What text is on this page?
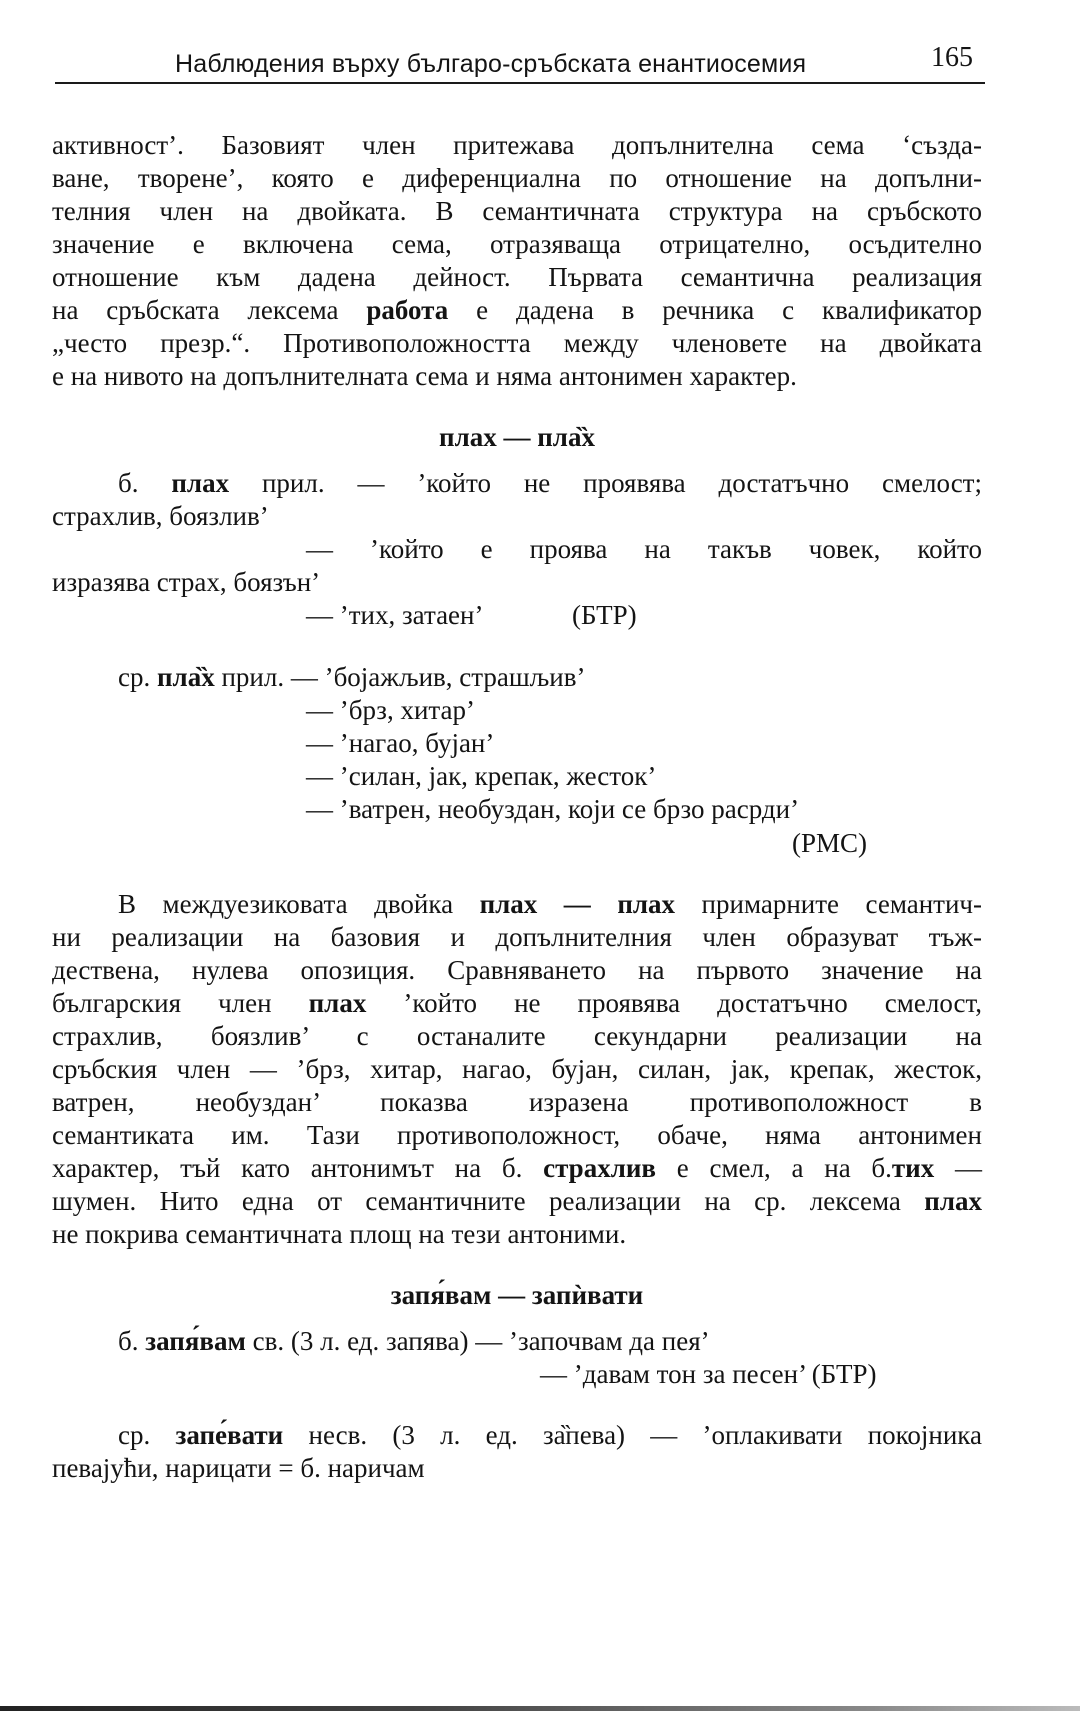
Наблюдения върху българо-сръбската енантиосемия	165
активност’. Базовият член притежава допълнителна сема ‘създа-
ване, творене’, която е диференциална по отношение на допълни-
телния член на двойката. В семантичната структура на сръбското
значение е включена сема, отразяваща отрицателно, осъдително
отношение към дадена дейност. Първата семантична реализация
на сръбската лексема работа е дадена в речника с квалификатор
„често презр.“. Противоположността между членовете на двойката
е на нивото на допълнителната сема и няма антонимен характер.
плах — пла̏х
б. плах прил. — ’който не проявява достатъчно смелост;
страхлив, боязлив’
— ’който е проява на такъв човек, който
изразява страх, боязън’
— ’тих, затаен’	(БТР)
ср. пла̏х прил. — ’бојажљив, страшљив’
— ’брз, хитар’
— ’нагао, бујан’
— ’силан, јак, крепак, жесток’
— ’ватрен, необуздан, који се брзо расрди’
(РМС)
В междуезиковата двойка плах — плах примарните семантич-
ни реализации на базовия и допълнителния член образуват тъж-
дествена, нулева опозиция. Сравняването на първото значение на
българския член плах ’който не проявява достатъчно смелост,
страхлив, боязлив’ с останалите секундарни реализации на
сръбския член — ’брз, хитар, нагао, бујан, силан, јак, крепак, жесток,
ватрен, необуздан’ показва изразена противоположност в
семантиката им. Тази противоположност, обаче, няма антонимен
характер, тъй като антонимът на б. страхлив е смел, а на б.тих —
шумен. Нито една от семантичните реализации на ср. лексема плах
не покрива семантичната площ на тези антоними.
запя́вам — запѝвати
б. запя́вам св. (3 л. ед. запява) — ’започвам да пея’
— ’давам тон за песен’ (БТР)
ср. запе́вати несв. (3 л. ед. за̏пева) — ’оплакивати покојника
певајући, нарицати = б. наричам
